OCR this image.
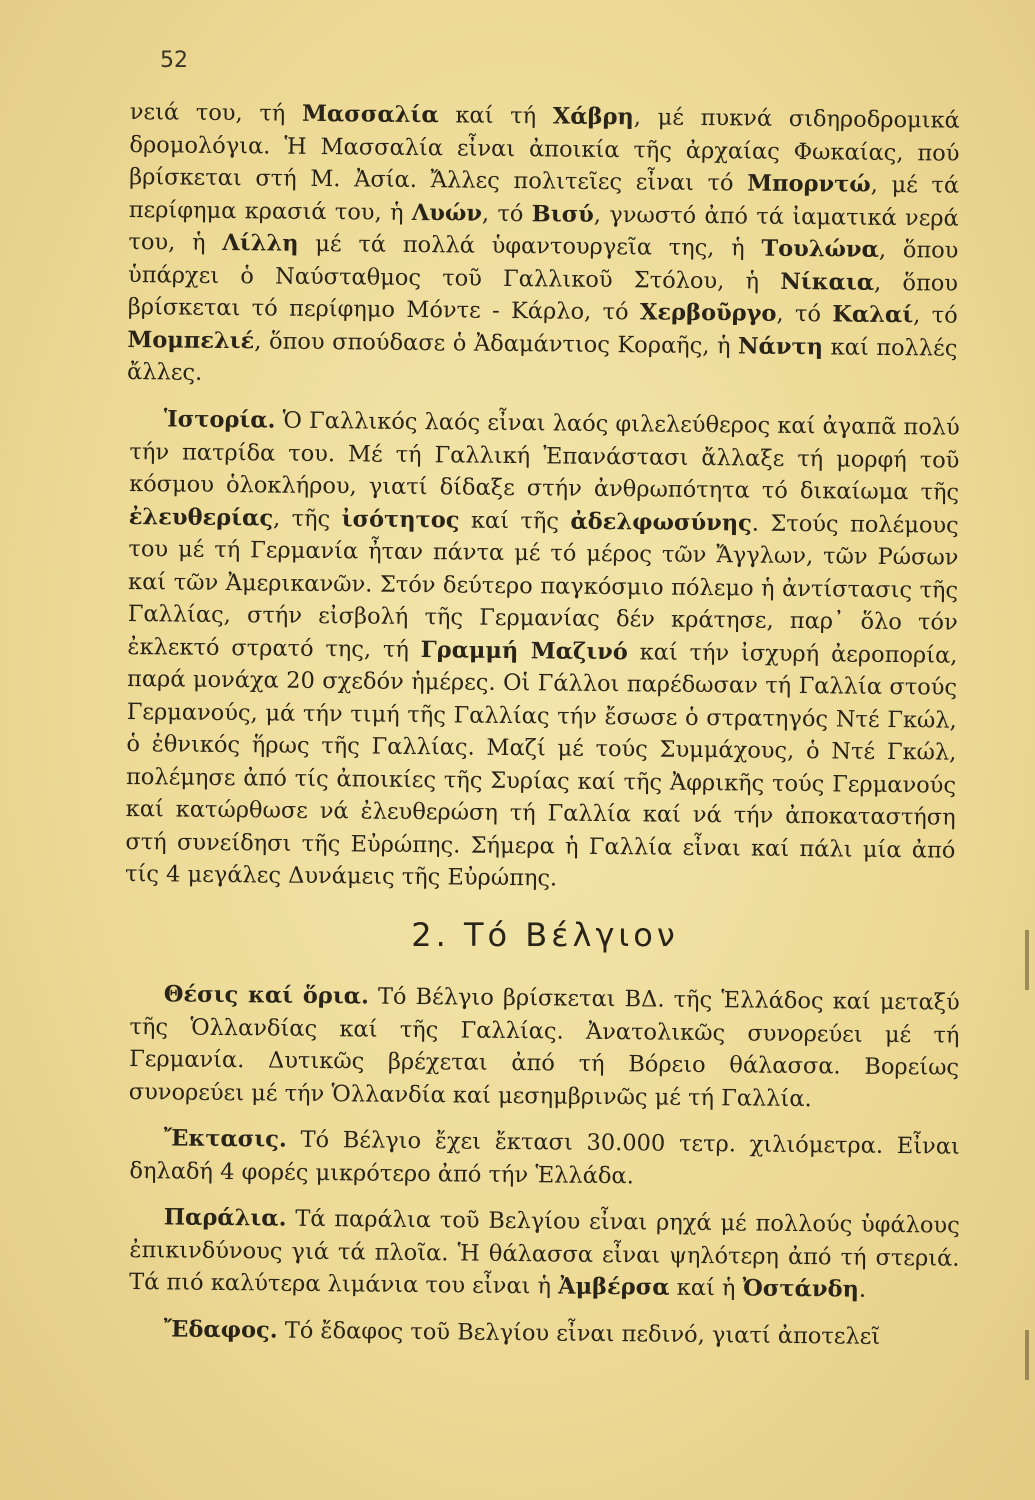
52

νειά του, τή Μασσαλία καί τή Χάβρη, μέ πυκνά σιδηροδρομικά δρομολόγια. Ἡ Μασσαλία εἶναι ἀποικία τῆς ἀρχαίας Φωκαίας, πού βρίσκεται στή Μ. Ἀσία. Ἄλλες πολιτεῖες εἶναι τό Μπορντώ, μέ τά περίφημα κρασιά του, ἡ Λυών, τό Βισύ, γνωστό ἀπό τά ἰαματικά νερά του, ἡ Λίλλη μέ τά πολλά ὑφαντουργεῖα της, ἡ Τουλώνα, ὅπου ὑπάρχει ὁ Ναύσταθμος τοῦ Γαλλικοῦ Στόλου, ἡ Νίκαια, ὅπου βρίσκεται τό περίφημο Μόντε - Κάρλο, τό Χερβοῦργο, τό Καλαί, τό Μομπελιέ, ὅπου σπούδασε ὁ Ἀδαμάντιος Κοραῆς, ἡ Νάντη καί πολλές ἄλλες.

Ἱστορία. Ὁ Γαλλικός λαός εἶναι λαός φιλελεύθερος καί ἀγαπᾶ πολύ τήν πατρίδα του. Μέ τή Γαλλική Ἐπανάστασι ἄλλαξε τή μορφή τοῦ κόσμου ὁλοκλήρου, γιατί δίδαξε στήν ἀνθρωπότητα τό δικαίωμα τῆς ἐλευθερίας, τῆς ἰσότητος καί τῆς ἀδελφωσύνης. Στούς πολέμους του μέ τή Γερμανία ἦταν πάντα μέ τό μέρος τῶν Ἄγγλων, τῶν Ρώσων καί τῶν Ἀμερικανῶν. Στόν δεύτερο παγκόσμιο πόλεμο ἡ ἀντίστασις τῆς Γαλλίας, στήν εἰσβολή τῆς Γερμανίας δέν κράτησε, παρ᾽ ὅλο τόν ἐκλεκτό στρατό της, τή Γραμμή Μαζινό καί τήν ἰσχυρή ἀεροπορία, παρά μονάχα 20 σχεδόν ἡμέρες. Οἱ Γάλλοι παρέδωσαν τή Γαλλία στούς Γερμανούς, μά τήν τιμή τῆς Γαλλίας τήν ἔσωσε ὁ στρατηγός Ντέ Γκώλ, ὁ ἐθνικός ἥρως τῆς Γαλλίας. Μαζί μέ τούς Συμμάχους, ὁ Ντέ Γκώλ, πολέμησε ἀπό τίς ἀποικίες τῆς Συρίας καί τῆς Ἀφρικῆς τούς Γερμανούς καί κατώρθωσε νά ἐλευθερώση τή Γαλλία καί νά τήν ἀποκαταστήση στή συνείδησι τῆς Εὐρώπης. Σήμερα ἡ Γαλλία εἶναι καί πάλι μία ἀπό τίς 4 μεγάλες Δυνάμεις τῆς Εὐρώπης.

2. Τό Βέλγιον

Θέσις καί ὅρια. Τό Βέλγιο βρίσκεται ΒΔ. τῆς Ἑλλάδος καί μεταξύ τῆς Ὁλλανδίας καί τῆς Γαλλίας. Ἀνατολικῶς συνορεύει μέ τή Γερμανία. Δυτικῶς βρέχεται ἀπό τή Βόρειο θάλασσα. Βορείως συνορεύει μέ τήν Ὁλλανδία καί μεσημβρινῶς μέ τή Γαλλία.

Ἔκτασις. Τό Βέλγιο ἔχει ἔκτασι 30.000 τετρ. χιλιόμετρα. Εἶναι δηλαδή 4 φορές μικρότερο ἀπό τήν Ἑλλάδα.

Παράλια. Τά παράλια τοῦ Βελγίου εἶναι ρηχά μέ πολλούς ὑφάλους ἐπικινδύνους γιά τά πλοῖα. Ἡ θάλασσα εἶναι ψηλότερη ἀπό τή στεριά. Τά πιό καλύτερα λιμάνια του εἶναι ἡ Ἀμβέρσα καί ἡ Ὀστάνδη.

Ἔδαφος. Τό ἔδαφος τοῦ Βελγίου εἶναι πεδινό, γιατί ἀποτελεῖ
